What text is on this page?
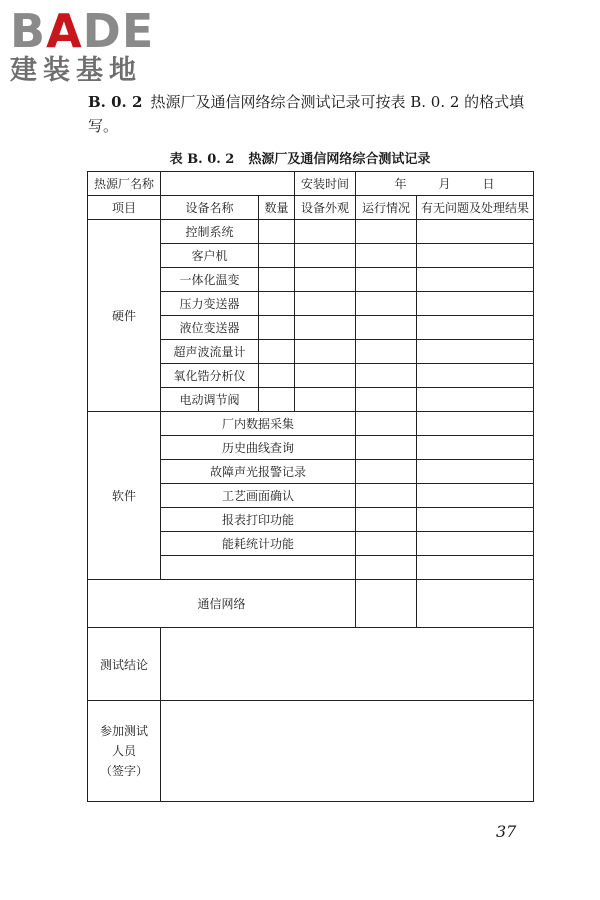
BADE
建装基地
B. 0. 2 热源厂及通信网络综合测试记录可按表 B. 0. 2 的格式填写。
表 B. 0. 2 热源厂及通信网络综合测试记录
热源厂名称			安装时间	年 月 日	
项目	设备名称	数量	设备外观	运行情况	有无问题及处理结果
硬件	控制系统				
	客户机				
	一体化温变				
	压力变送器				
	液位变送器				
	超声波流量计				
	氧化锆分析仪				
	电动调节阀				
软件	厂内数据采集				
	历史曲线查询				
	故障声光报警记录				
	工艺画面确认				
	报表打印功能				
	能耗统计功能				

通信网络					
测试结论					

参加测试
人员
（签字）					

37
